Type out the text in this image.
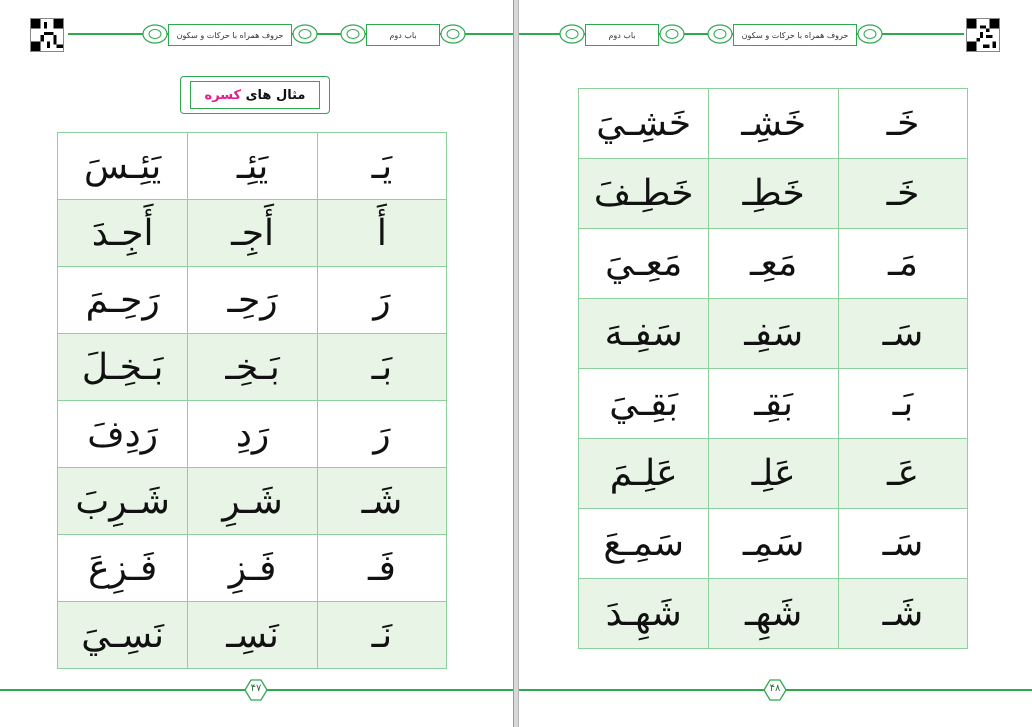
حروف همراه با حرکات و سکون	باب دوم
مثال های

کسره
يَـ	يَئِـ	يَئِـسَ
أَ	أَجِـ	أَجِـدَ
رَ	رَحِـ	رَحِـمَ
بَـ	بَـخِـ	بَـخِـلَ
رَ	رَدِ	رَدِفَ
شَـ	شَـرِ	شَـرِبَ
فَـ	فَـزِ	فَـزِعَ
نَـ	نَسِـ	نَسِـيَ
۴۷
باب دوم	حروف همراه با حرکات و سکون
خَـ	خَشِـ	خَشِـيَ
خَـ	خَطِـ	خَطِـفَ
مَـ	مَعِـ	مَعِـيَ
سَـ	سَفِـ	سَفِـهَ
بَـ	بَقِـ	بَقِـيَ
عَـ	عَلِـ	عَلِـمَ
سَـ	سَمِـ	سَمِـعَ
شَـ	شَهِـ	شَهِـدَ
۴۸
